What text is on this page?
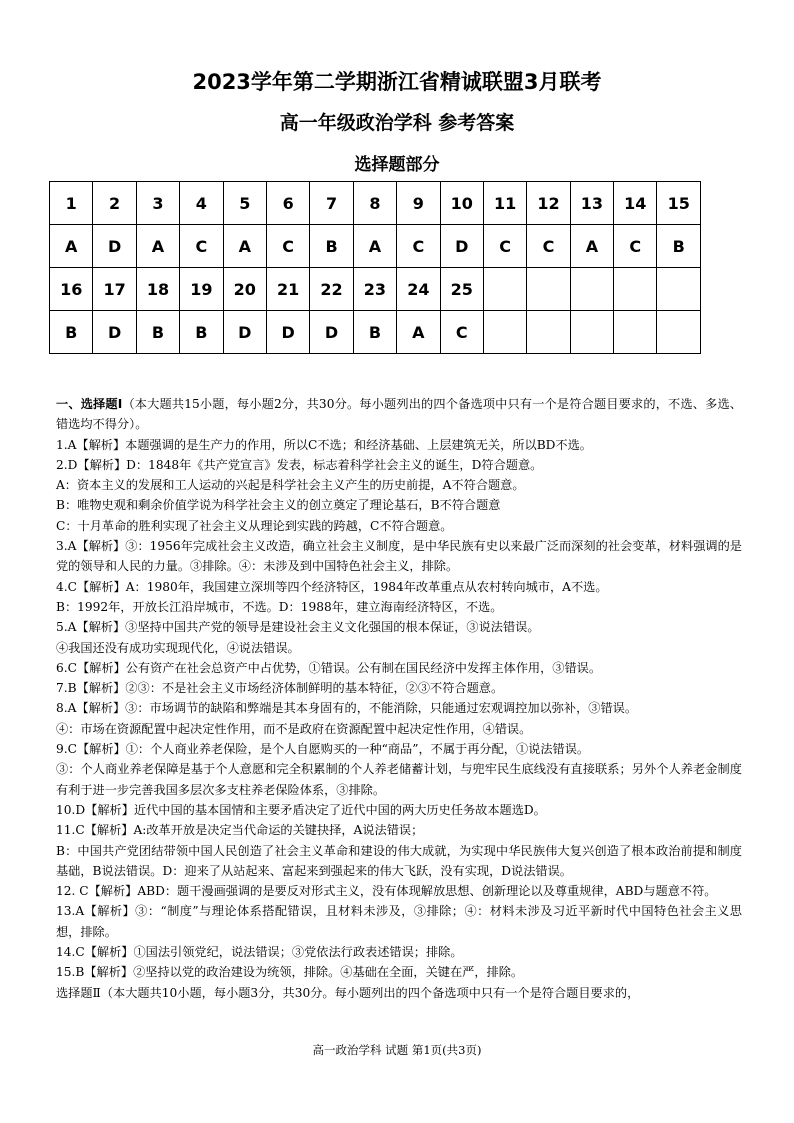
2023学年第二学期浙江省精诚联盟3月联考
高一年级政治学科 参考答案
选择题部分
1	2	3	4	5	6	7	8	9	10	11	12	13	14	15
A	D	A	C	A	C	B	A	C	D	C	C	A	C	B
16	17	18	19	20	21	22	23	24	25					
B	D	B	B	D	D	D	B	A	C					

一、选择题Ⅰ（本大题共15小题，每小题2分，共30分。每小题列出的四个备选项中只有一个是符合题目要求的，不选、多选、错选均不得分）。

1.A【解析】本题强调的是生产力的作用，所以C不选；和经济基础、上层建筑无关，所以BD不选。

2.D【解析】D：1848年《共产党宣言》发表，标志着科学社会主义的诞生，D符合题意。

A：资本主义的发展和工人运动的兴起是科学社会主义产生的历史前提，A不符合题意。

B：唯物史观和剩余价值学说为科学社会主义的创立奠定了理论基石，B不符合题意

C：十月革命的胜利实现了社会主义从理论到实践的跨越，C不符合题意。

3.A【解析】③：1956年完成社会主义改造，确立社会主义制度，是中华民族有史以来最广泛而深刻的社会变革，材料强调的是党的领导和人民的力量。③排除。④：未涉及到中国特色社会主义，排除。

4.C【解析】A：1980年，我国建立深圳等四个经济特区，1984年改革重点从农村转向城市，A不选。

B：1992年，开放长江沿岸城市，不选。D：1988年，建立海南经济特区，不选。

5.A【解析】③坚持中国共产党的领导是建设社会主义文化强国的根本保证，③说法错误。

④我国还没有成功实现现代化，④说法错误。

6.C【解析】公有资产在社会总资产中占优势，①错误。公有制在国民经济中发挥主体作用，③错误。

7.B【解析】②③：不是社会主义市场经济体制鲜明的基本特征，②③不符合题意。

8.A【解析】③：市场调节的缺陷和弊端是其本身固有的，不能消除，只能通过宏观调控加以弥补，③错误。

④：市场在资源配置中起决定性作用，而不是政府在资源配置中起决定性作用，④错误。

9.C【解析】①：个人商业养老保险，是个人自愿购买的一种“商品”，不属于再分配，①说法错误。

③：个人商业养老保障是基于个人意愿和完全积累制的个人养老储蓄计划，与兜牢民生底线没有直接联系；另外个人养老金制度有利于进一步完善我国多层次多支柱养老保险体系，③排除。

10.D【解析】近代中国的基本国情和主要矛盾决定了近代中国的两大历史任务故本题选D。

11.C【解析】A:改革开放是决定当代命运的关键抉择，A说法错误；

B：中国共产党团结带领中国人民创造了社会主义革命和建设的伟大成就，为实现中华民族伟大复兴创造了根本政治前提和制度基础，B说法错误。D：迎来了从站起来、富起来到强起来的伟大飞跃，没有实现，D说法错误。

12. C【解析】ABD：题干漫画强调的是要反对形式主义，没有体现解放思想、创新理论以及尊重规律，ABD与题意不符。

13.A【解析】③：“制度”与理论体系搭配错误，且材料未涉及，③排除；④：材料未涉及习近平新时代中国特色社会主义思想，排除。

14.C【解析】①国法引领党纪，说法错误；③党依法行政表述错误；排除。

15.B【解析】②坚持以党的政治建设为统领，排除。④基础在全面，关键在严，排除。

选择题Ⅱ（本大题共10小题，每小题3分，共30分。每小题列出的四个备选项中只有一个是符合题目要求的，

高一政治学科 试题 第1页(共3页)
